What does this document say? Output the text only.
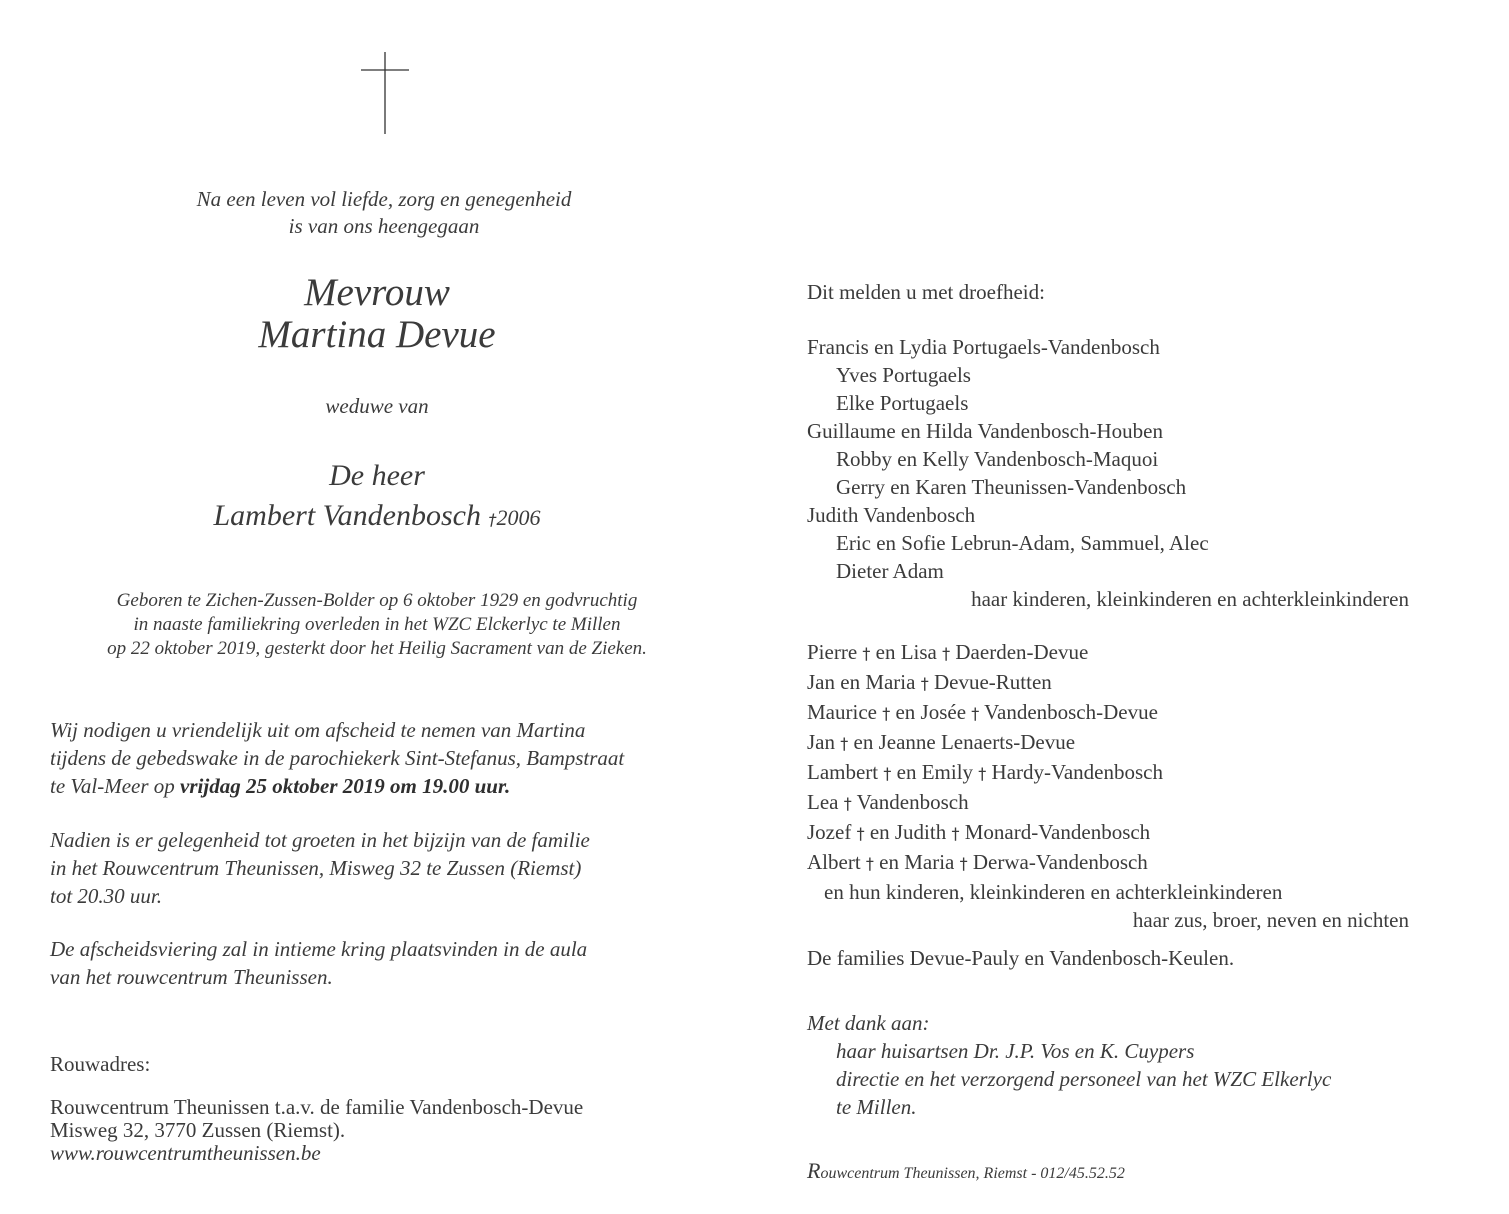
Na een leven vol liefde, zorg en genegenheid
is van ons heengegaan
Mevrouw
Martina Devue
weduwe van
De heer
Lambert Vandenbosch †2006
Geboren te Zichen-Zussen-Bolder op 6 oktober 1929 en godvruchtig
in naaste familiekring overleden in het WZC Elckerlyc te Millen
op 22 oktober 2019, gesterkt door het Heilig Sacrament van de Zieken.
Wij nodigen u vriendelijk uit om afscheid te nemen van Martina
tijdens de gebedswake in de parochiekerk Sint-Stefanus, Bampstraat
te Val-Meer op vrijdag 25 oktober 2019 om 19.00 uur.
Nadien is er gelegenheid tot groeten in het bijzijn van de familie
in het Rouwcentrum Theunissen, Misweg 32 te Zussen (Riemst)
tot 20.30 uur.
De afscheidsviering zal in intieme kring plaatsvinden in de aula
van het rouwcentrum Theunissen.
Rouwadres:
Rouwcentrum Theunissen t.a.v. de familie Vandenbosch-Devue
Misweg 32, 3770 Zussen (Riemst).
www.rouwcentrumtheunissen.be
Dit melden u met droefheid:
Francis en Lydia Portugaels-Vandenbosch
Yves Portugaels
Elke Portugaels
Guillaume en Hilda Vandenbosch-Houben
Robby en Kelly Vandenbosch-Maquoi
Gerry en Karen Theunissen-Vandenbosch
Judith Vandenbosch
Eric en Sofie Lebrun-Adam, Sammuel, Alec
Dieter Adam
haar kinderen, kleinkinderen en achterkleinkinderen
Pierre † en Lisa † Daerden-Devue
Jan en Maria † Devue-Rutten
Maurice † en Josée † Vandenbosch-Devue
Jan † en Jeanne Lenaerts-Devue
Lambert † en Emily † Hardy-Vandenbosch
Lea † Vandenbosch
Jozef † en Judith † Monard-Vandenbosch
Albert † en Maria † Derwa-Vandenbosch
en hun kinderen, kleinkinderen en achterkleinkinderen
haar zus, broer, neven en nichten
De families Devue-Pauly en Vandenbosch-Keulen.
Met dank aan:
haar huisartsen Dr. J.P. Vos en K. Cuypers
directie en het verzorgend personeel van het WZC Elkerlyc
te Millen.
Rouwcentrum Theunissen, Riemst - 012/45.52.52
